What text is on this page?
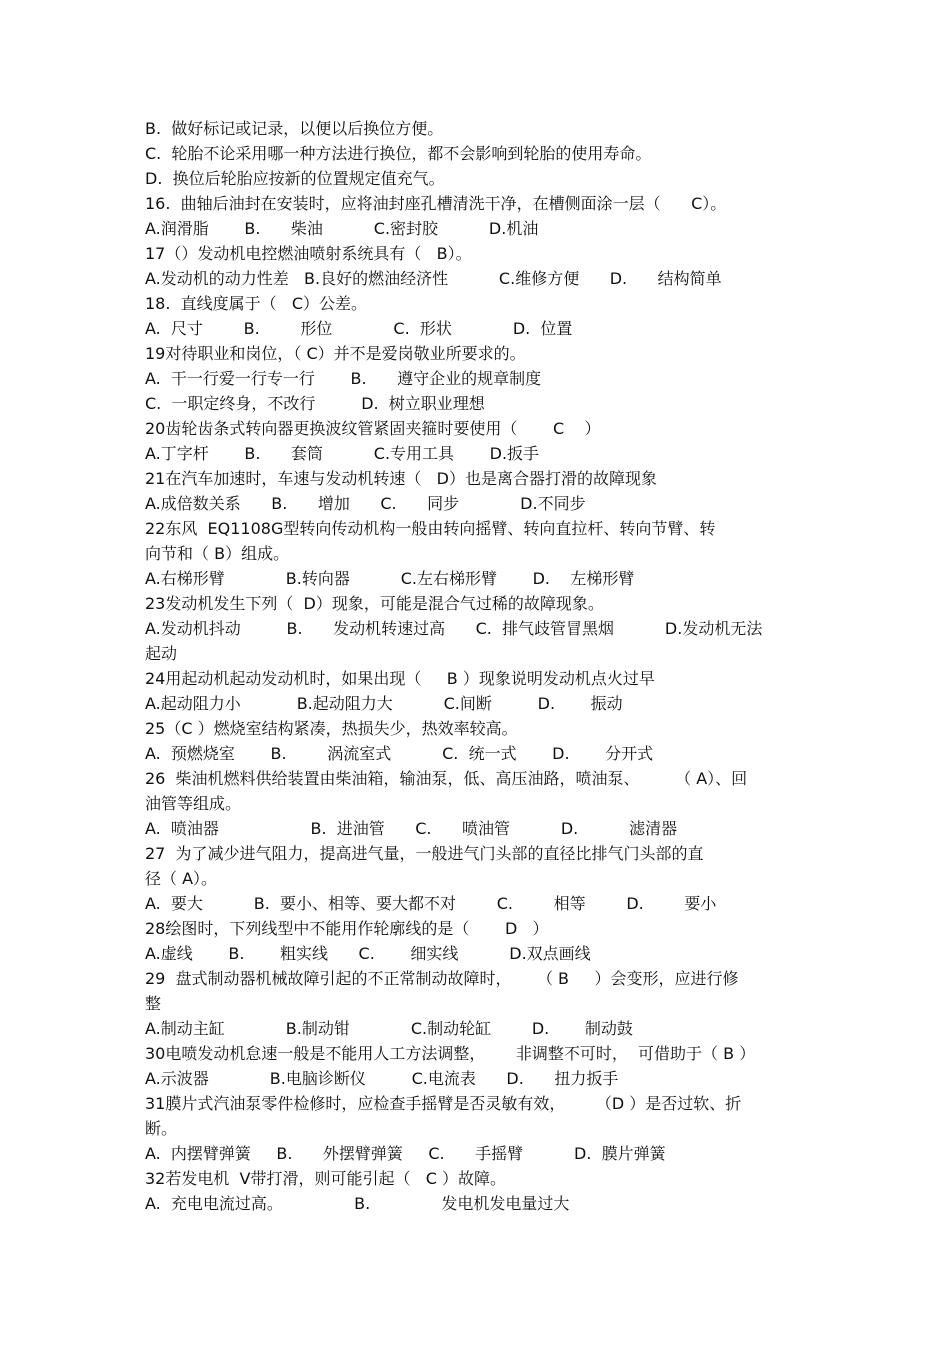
B.  做好标记或记录，以便以后换位方便。
C.  轮胎不论采用哪一种方法进行换位，都不会影响到轮胎的使用寿命。
D.  换位后轮胎应按新的位置规定值充气。
16.  曲轴后油封在安装时，应将油封座孔槽清洗干净，在槽侧面涂一层（      C）。
A.润滑脂       B.      柴油          C.密封胶          D.机油
17（）发动机电控燃油喷射系统具有（   B）。
A.发动机的动力性差   B.良好的燃油经济性          C.维修方便      D.      结构简单
18.  直线度属于（   C）公差。
A.  尺寸        B.        形位            C.  形状            D.  位置
19对待职业和岗位，（ C）并不是爱岗敬业所要求的。
A.  干一行爱一行专一行       B.      遵守企业的规章制度
C.  一职定终身，不改行         D.  树立职业理想
20齿轮齿条式转向器更换波纹管紧固夹箍时要使用（       C    ）
A.丁字杆       B.      套筒          C.专用工具       D.扳手
21在汽车加速时，车速与发动机转速（   D）也是离合器打滑的故障现象
A.成倍数关系      B.      增加      C.      同步            D.不同步
22东风  EQ1108G型转向传动机构一般由转向摇臂、转向直拉杆、转向节臂、转
向节和（ B）组成。
A.右梯形臂            B.转向器          C.左右梯形臂       D.    左梯形臂
23发动机发生下列（  D）现象，可能是混合气过稀的故障现象。
A.发动机抖动         B.      发动机转速过高      C.  排气歧管冒黑烟          D.发动机无法
起动
24用起动机起动发动机时，如果出现（     B ）现象说明发动机点火过早
A.起动阻力小           B.起动阻力大          C.间断         D.       振动
25（C ）燃烧室结构紧凑，热损失少，热效率较高。
A.  预燃烧室       B.        涡流室式          C.  统一式       D.       分开式
26  柴油机燃料供给装置由柴油箱，输油泵，低、高压油路，喷油泵、       （ A）、回
油管等组成。
A.  喷油器                  B.  进油管      C.      喷油管          D.          滤清器
27  为了减少进气阻力，提高进气量，一般进气门头部的直径比排气门头部的直
径（ A）。
A.  要大          B.  要小、相等、要大都不对        C.        相等        D.        要小
28绘图时，下列线型中不能用作轮廓线的是（       D   ）
A.虚线       B.       粗实线      C.       细实线          D.双点画线
29  盘式制动器机械故障引起的不正常制动故障时，     （ B     ）会变形，应进行修
整
A.制动主缸            B.制动钳            C.制动轮缸        D.       制动鼓
30电喷发动机怠速一般是不能用人工方法调整，      非调整不可时，  可借助于（ B ）
A.示波器            B.电脑诊断仪         C.电流表      D.      扭力扳手
31膜片式汽油泵零件检修时，应检查手摇臂是否灵敏有效，      （D ）是否过软、折
断。
A.  内摆臂弹簧     B.      外摆臂弹簧     C.      手摇臂          D.  膜片弹簧
32若发电机  V带打滑，则可能引起（   C ）故障。
A.  充电电流过高。              B.              发电机发电量过大
